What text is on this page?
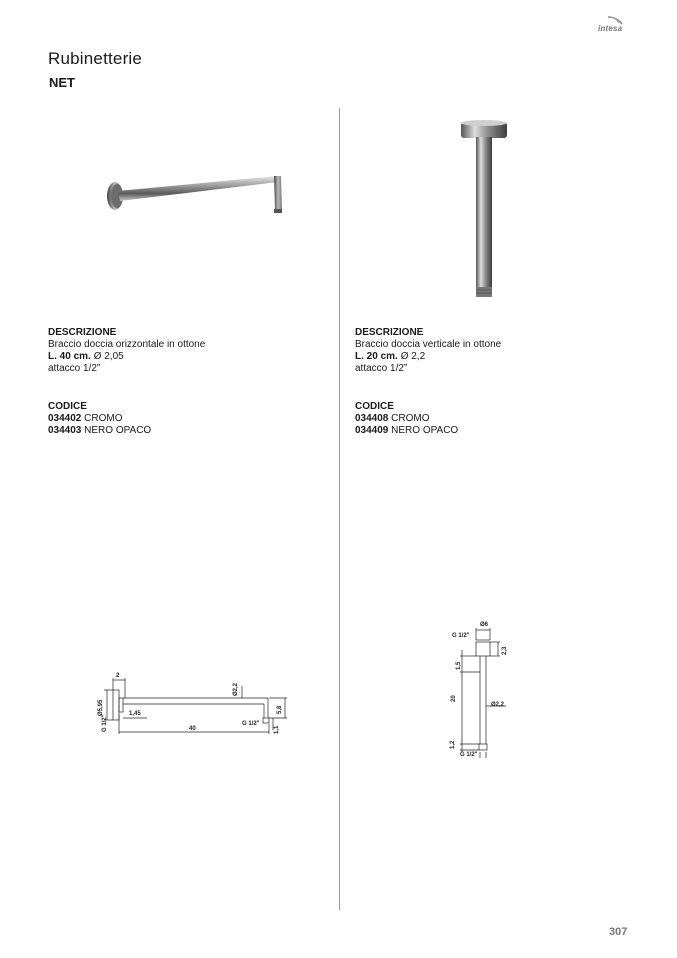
intesa
Rubinetterie
NET
DESCRIZIONE
Braccio doccia orizzontale in ottone
L. 40 cm. Ø 2,05
attacco 1/2”
CODICE
034402 CROMO
034403 NERO OPACO
DESCRIZIONE
Braccio doccia verticale in ottone
L. 20 cm. Ø 2,2
attacco 1/2”
CODICE
034408 CROMO
034409 NERO OPACO
2
Ø5,95
Ø2,2
G 1/2"
1,45
40
G 1/2"
5,8
1,1
Ø6
G 1/2"
2,3
1,5
20
Ø2,2
1,2
G 1/2"
307
